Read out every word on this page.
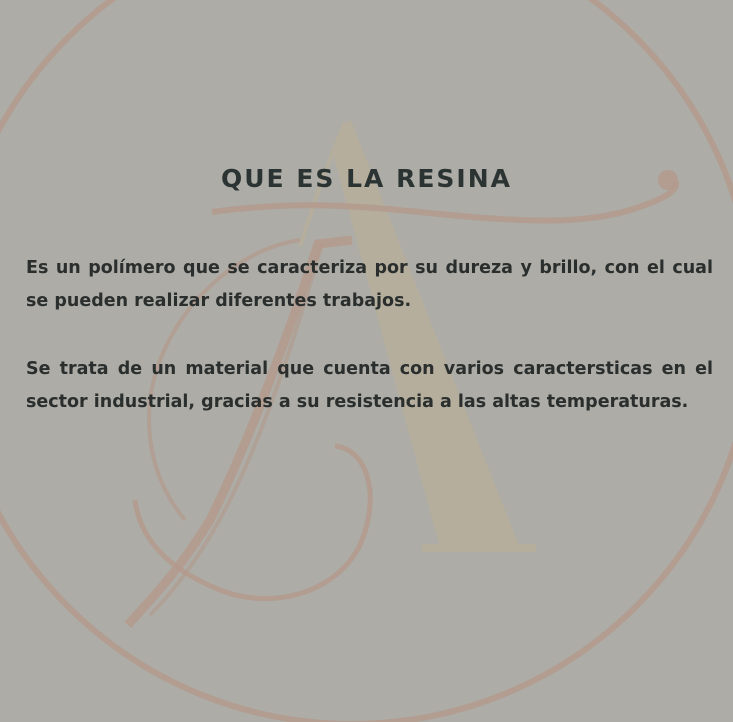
QUE ES LA RESINA

Es un polímero que se caracteriza por su dureza y brillo, con el cual se pueden realizar diferentes trabajos.

Se trata de un material que cuenta con varios caractersticas en el sector industrial, gracias a su resistencia a las altas temperaturas.
